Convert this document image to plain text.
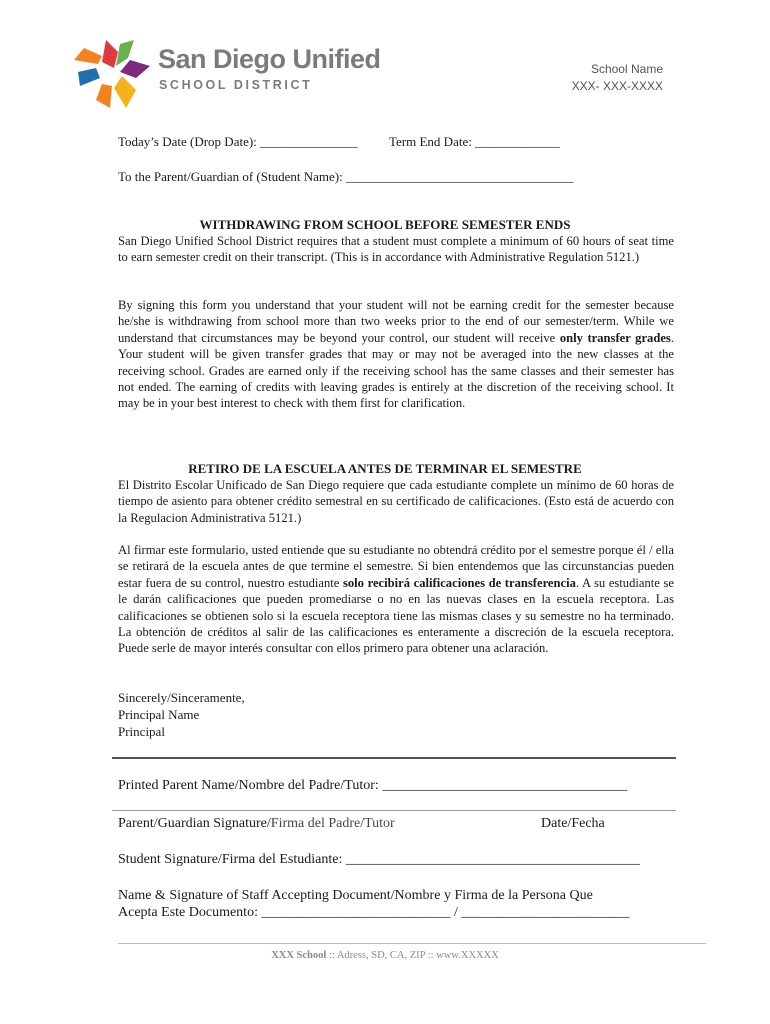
San Diego Unified
SCHOOL DISTRICT
School Name
XXX- XXX-XXXX
Today’s Date (Drop Date): _______________ Term End Date: _____________
To the Parent/Guardian of (Student Name): ___________________________________
WITHDRAWING FROM SCHOOL BEFORE SEMESTER ENDS
San Diego Unified School District requires that a student must complete a minimum of 60 hours of seat time to earn semester credit on their transcript. (This is in accordance with Administrative Regulation 5121.)
By signing this form you understand that your student will not be earning credit for the semester because he/she is withdrawing from school more than two weeks prior to the end of our semester/term. While we understand that circumstances may be beyond your control, our student will receive only transfer grades. Your student will be given transfer grades that may or may not be averaged into the new classes at the receiving school. Grades are earned only if the receiving school has the same classes and their semester has not ended. The earning of credits with leaving grades is entirely at the discretion of the receiving school. It may be in your best interest to check with them first for clarification.
RETIRO DE LA ESCUELA ANTES DE TERMINAR EL SEMESTRE
El Distrito Escolar Unificado de San Diego requiere que cada estudiante complete un mínimo de 60 horas de tiempo de asiento para obtener crédito semestral en su certificado de calificaciones. (Esto está de acuerdo con la Regulacion Administrativa 5121.)
Al firmar este formulario, usted entiende que su estudiante no obtendrá crédito por el semestre porque él / ella se retirará de la escuela antes de que termine el semestre. Si bien entendemos que las circunstancias pueden estar fuera de su control, nuestro estudiante solo recibirá calificaciones de transferencia. A su estudiante se le darán calificaciones que pueden promediarse o no en las nuevas clases en la escuela receptora. Las calificaciones se obtienen solo si la escuela receptora tiene las mismas clases y su semestre no ha terminado. La obtención de créditos al salir de las calificaciones es enteramente a discreción de la escuela receptora. Puede serle de mayor interés consultar con ellos primero para obtener una aclaración.
Sincerely/Sinceramente,
Principal Name
Principal
Printed Parent Name/Nombre del Padre/Tutor: ___________________________________
Parent/Guardian Signature/Firma del Padre/Tutor	Date/Fecha
Student Signature/Firma del Estudiante: __________________________________________
Name & Signature of Staff Accepting Document/Nombre y Firma de la Persona Que
Acepta Este Documento: ___________________________ / ________________________
XXX School :: Adress, SD, CA, ZIP :: www.XXXXX
